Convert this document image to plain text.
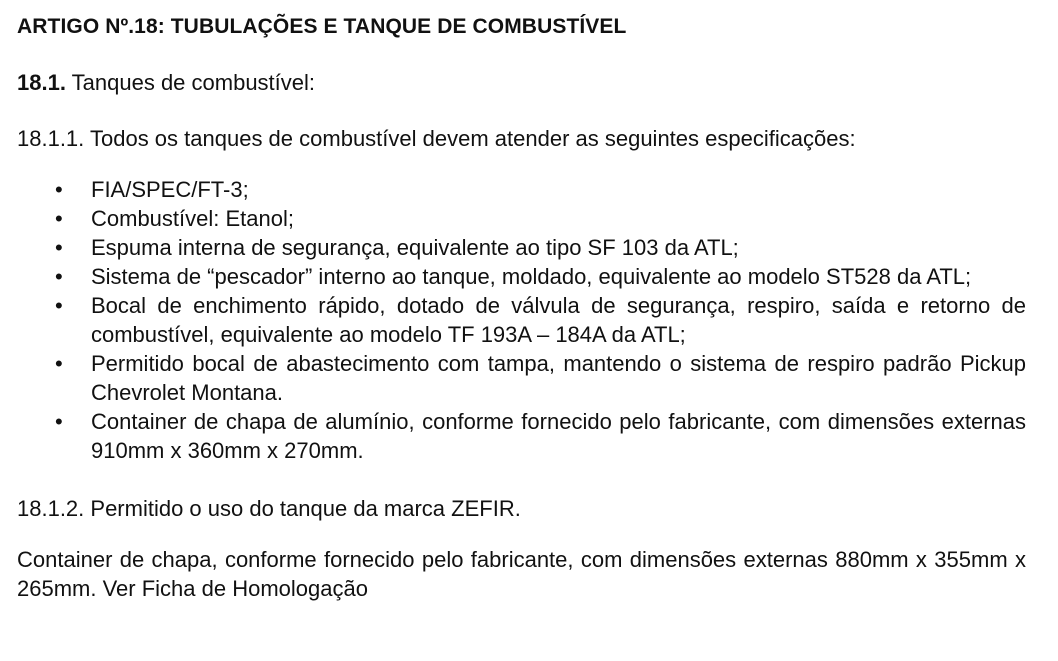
ARTIGO Nº.18: TUBULAÇÕES E TANQUE DE COMBUSTÍVEL

18.1. Tanques de combustível:

18.1.1. Todos os tanques de combustível devem atender as seguintes especificações:

• FIA/SPEC/FT-3;
• Combustível: Etanol;
• Espuma interna de segurança, equivalente ao tipo SF 103 da ATL;
• Sistema de “pescador” interno ao tanque, moldado, equivalente ao modelo ST528 da ATL;
• Bocal de enchimento rápido, dotado de válvula de segurança, respiro, saída e retorno de combustível, equivalente ao modelo TF 193A – 184A da ATL;
• Permitido bocal de abastecimento com tampa, mantendo o sistema de respiro padrão Pickup Chevrolet Montana.
• Container de chapa de alumínio, conforme fornecido pelo fabricante, com dimensões externas 910mm x 360mm x 270mm.

18.1.2. Permitido o uso do tanque da marca ZEFIR.

Container de chapa, conforme fornecido pelo fabricante, com dimensões externas 880mm x 355mm x 265mm. Ver Ficha de Homologação
